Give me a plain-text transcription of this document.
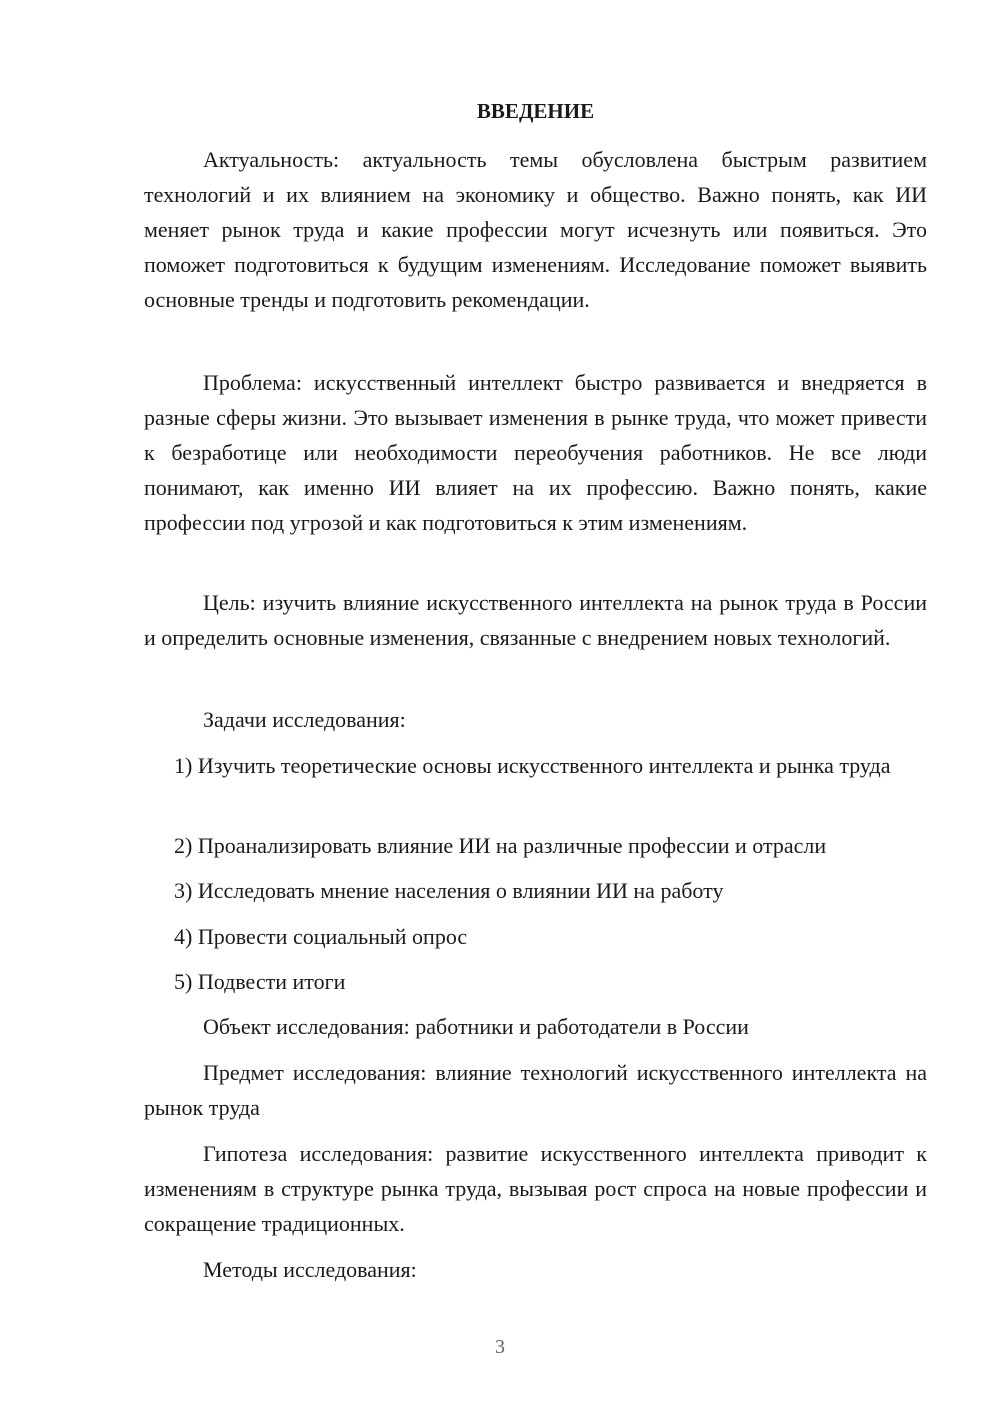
ВВЕДЕНИЕ

Актуальность: актуальность темы обусловлена быстрым развитием технологий и их влиянием на экономику и общество. Важно понять, как ИИ меняет рынок труда и какие профессии могут исчезнуть или появиться. Это поможет подготовиться к будущим изменениям. Исследование поможет выявить основные тренды и подготовить рекомендации.

Проблема: искусственный интеллект быстро развивается и внедряется в разные сферы жизни. Это вызывает изменения в рынке труда, что может привести к безработице или необходимости переобучения работников. Не все люди понимают, как именно ИИ влияет на их профессию. Важно понять, какие профессии под угрозой и как подготовиться к этим изменениям.

Цель: изучить влияние искусственного интеллекта на рынок труда в России и определить основные изменения, связанные с внедрением новых технологий.

Задачи исследования:

1) Изучить теоретические основы искусственного интеллекта и рынка труда

2) Проанализировать влияние ИИ на различные профессии и отрасли

3) Исследовать мнение населения о влиянии ИИ на работу

4) Провести социальный опрос

5) Подвести итоги

Объект исследования: работники и работодатели в России

Предмет исследования: влияние технологий искусственного интеллекта на рынок труда

Гипотеза исследования: развитие искусственного интеллекта приводит к изменениям в структуре рынка труда, вызывая рост спроса на новые профессии и сокращение традиционных.

Методы исследования:

3
